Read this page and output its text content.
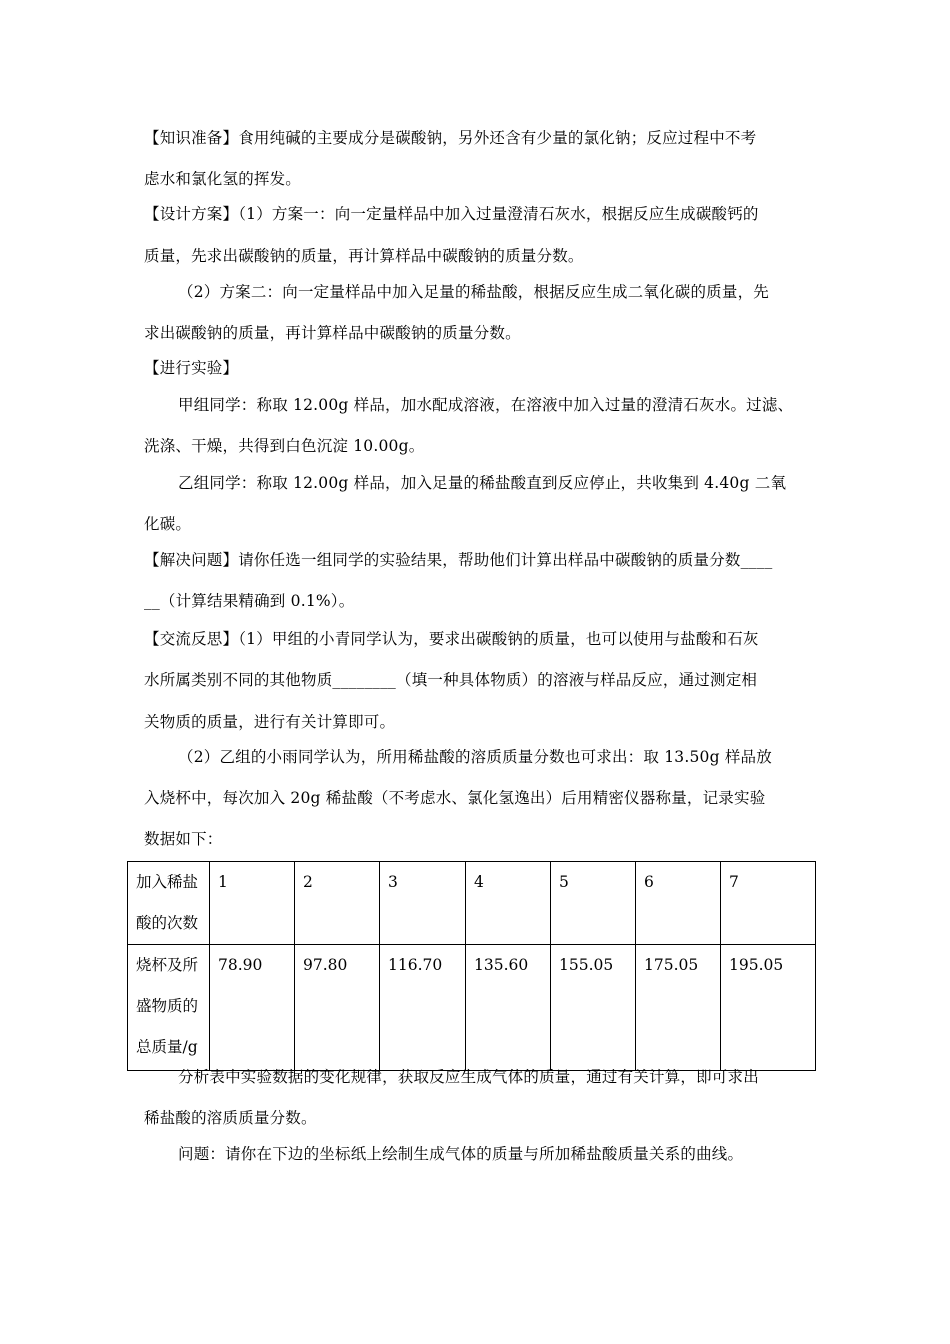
【知识准备】食用纯碱的主要成分是碳酸钠，另外还含有少量的氯化钠；反应过程中不考
虑水和氯化氢的挥发。
【设计方案】（1）方案一：向一定量样品中加入过量澄清石灰水，根据反应生成碳酸钙的
质量，先求出碳酸钠的质量，再计算样品中碳酸钠的质量分数。
（2）方案二：向一定量样品中加入足量的稀盐酸，根据反应生成二氧化碳的质量，先
求出碳酸钠的质量，再计算样品中碳酸钠的质量分数。
【进行实验】
甲组同学：称取 12.00g 样品，加水配成溶液，在溶液中加入过量的澄清石灰水。过滤、
洗涤、干燥，共得到白色沉淀 10.00g。
乙组同学：称取 12.00g 样品，加入足量的稀盐酸直到反应停止，共收集到 4.40g 二氧
化碳。
【解决问题】请你任选一组同学的实验结果，帮助他们计算出样品中碳酸钠的质量分数____
__（计算结果精确到 0.1%）。
【交流反思】（1）甲组的小青同学认为，要求出碳酸钠的质量，也可以使用与盐酸和石灰
水所属类别不同的其他物质________（填一种具体物质）的溶液与样品反应，通过测定相
关物质的质量，进行有关计算即可。
（2）乙组的小雨同学认为，所用稀盐酸的溶质质量分数也可求出：取 13.50g 样品放
入烧杯中，每次加入 20g 稀盐酸（不考虑水、氯化氢逸出）后用精密仪器称量，记录实验
数据如下：
加入稀盐酸的次数	1	2	3	4	5	6	7
烧杯及所盛物质的总质量/g	78.90	97.80	116.70	135.60	155.05	175.05	195.05
分析表中实验数据的变化规律，获取反应生成气体的质量，通过有关计算，即可求出
稀盐酸的溶质质量分数。
问题：请你在下边的坐标纸上绘制生成气体的质量与所加稀盐酸质量关系的曲线。
